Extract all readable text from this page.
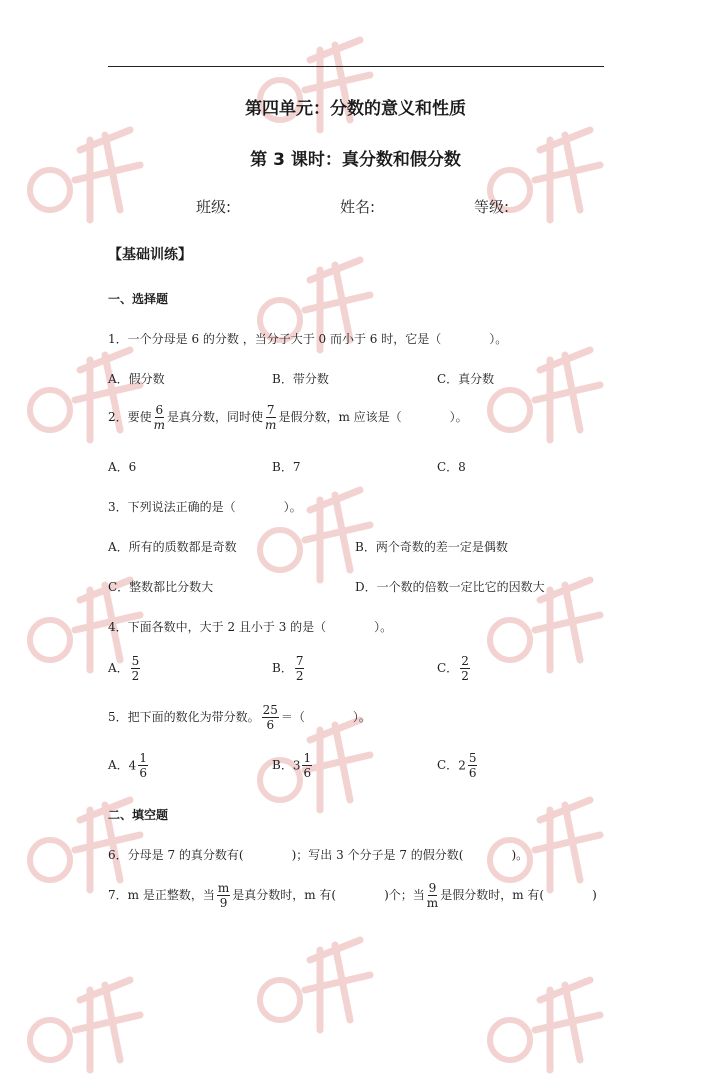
第四单元：分数的意义和性质
第 3 课时：真分数和假分数
班级:	姓名:	等级:
【基础训练】
一、选择题
1．一个分母是 6 的分数 ，当分子大于 0 而小于 6 时，它是（　　　　）。
A．假分数	B．带分数	C．真分数
2．要使 $\frac{6}{m}$ 是真分数，同时使 $\frac{7}{m}$ 是假分数，m 应该是（　　　　）。
A．6	B．7	C．8
3．下列说法正确的是（　　　　）。
A．所有的质数都是奇数	B．两个奇数的差一定是偶数
C．整数都比分数大	D．一个数的倍数一定比它的因数大
4．下面各数中，大于 2 且小于 3 的是（　　　　）。
A． $\frac{5}{2}$	B． $\frac{7}{2}$	C． $\frac{2}{2}$
5．把下面的数化为带分数。 $\frac{25}{6}$ ＝（　　　　）。
A．$4 \frac{1}{6}$	B．$3 \frac{1}{6}$	C．$2 \frac{5}{6}$
二、填空题
6．分母是 7 的真分数有(　　　　)；写出 3 个分子是 7 的假分数(　　　　)。
7．m 是正整数，当 $\frac{m}{9}$ 是真分数时，m 有(　　　　)个；当 $\frac{9}{m}$ 是假分数时，m 有(　　　　)
